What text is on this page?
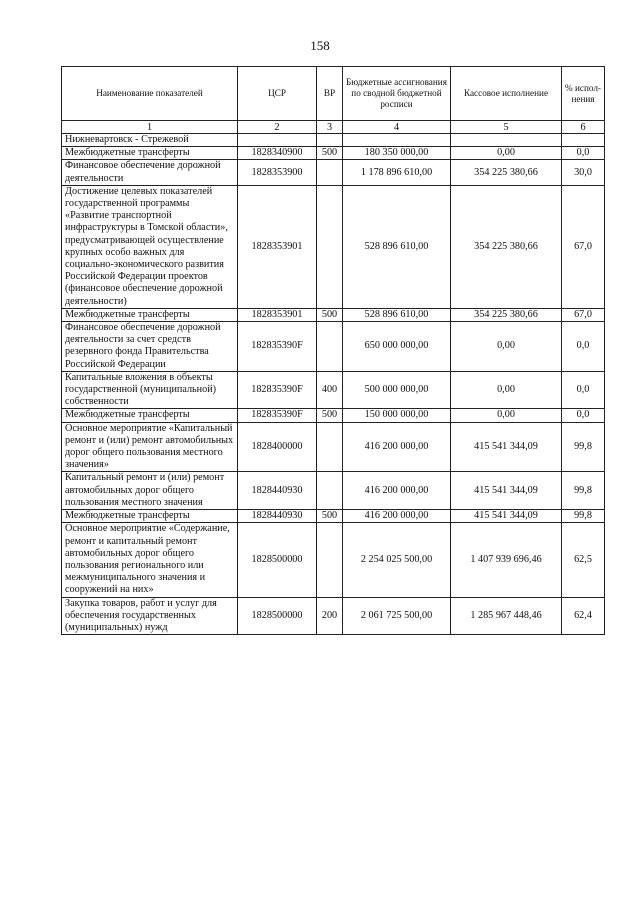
158
Наименование показателей	ЦСР	ВР	Бюджетные ассигнования по сводной бюджетной росписи	Кассовое исполнение	% испол-нения
1	2	3	4	5	6
Нижневартовск - Стрежевой					
Межбюджетные трансферты	1828340900	500	180 350 000,00	0,00	0,0
Финансовое обеспечение дорожной деятельности	1828353900		1 178 896 610,00	354 225 380,66	30,0
Достижение целевых показателей государственной программы «Развитие транспортной инфраструктуры в Томской области», предусматривающей осуществление крупных особо важных для социально-экономического развития Российской Федерации проектов (финансовое обеспечение дорожной деятельности)	1828353901		528 896 610,00	354 225 380,66	67,0
Межбюджетные трансферты	1828353901	500	528 896 610,00	354 225 380,66	67,0
Финансовое обеспечение дорожной деятельности за счет средств резервного фонда Правительства Российской Федерации	182835390F		650 000 000,00	0,00	0,0
Капитальные вложения в объекты государственной (муниципальной) собственности	182835390F	400	500 000 000,00	0,00	0,0
Межбюджетные трансферты	182835390F	500	150 000 000,00	0,00	0,0
Основное мероприятие «Капитальный ремонт и (или) ремонт автомобильных дорог общего пользования местного значения»	1828400000		416 200 000,00	415 541 344,09	99,8
Капитальный ремонт и (или) ремонт автомобильных дорог общего пользования местного значения	1828440930		416 200 000,00	415 541 344,09	99,8
Межбюджетные трансферты	1828440930	500	416 200 000,00	415 541 344,09	99,8
Основное мероприятие «Содержание, ремонт и капитальный ремонт автомобильных дорог общего пользования регионального или межмуниципального значения и сооружений на них»	1828500000		2 254 025 500,00	1 407 939 696,46	62,5
Закупка товаров, работ и услуг для обеспечения государственных (муниципальных) нужд	1828500000	200	2 061 725 500,00	1 285 967 448,46	62,4
